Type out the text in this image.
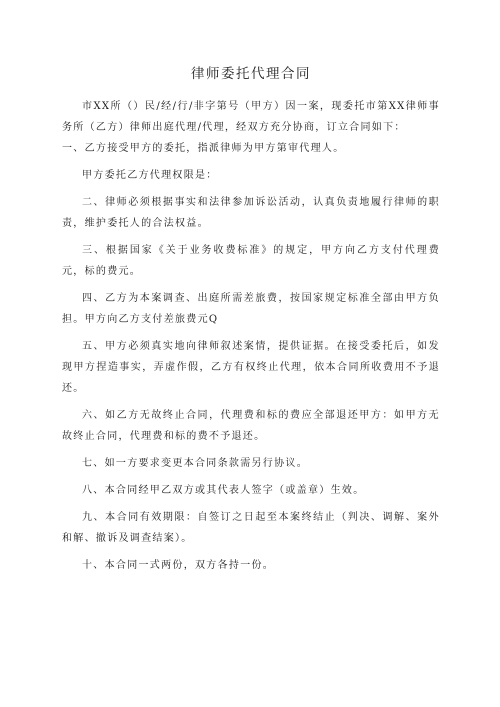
律师委托代理合同

市XX所（）民/经/行/非字第号（甲方）因一案，现委托市第XX律师事务所（乙方）律师出庭代理/代理，经双方充分协商，订立合同如下：

一、乙方接受甲方的委托，指派律师为甲方第审代理人。

甲方委托乙方代理权限是：

二、律师必须根据事实和法律参加诉讼活动，认真负责地履行律师的职责，维护委托人的合法权益。

三、根据国家《关于业务收费标准》的规定，甲方向乙方支付代理费元，标的费元。

四、乙方为本案调查、出庭所需差旅费，按国家规定标准全部由甲方负担。甲方向乙方支付差旅费元Q

五、甲方必须真实地向律师叙述案情，提供证据。在接受委托后，如发现甲方捏造事实，弄虚作假，乙方有权终止代理，依本合同所收费用不予退还。

六、如乙方无故终止合同，代理费和标的费应全部退还甲方：如甲方无故终止合同，代理费和标的费不予退还。

七、如一方要求变更本合同条款需另行协议。

八、本合同经甲乙双方或其代表人签字（或盖章）生效。

九、本合同有效期限：自签订之日起至本案终结止（判决、调解、案外和解、撤诉及调查结案）。

十、本合同一式两份，双方各持一份。
